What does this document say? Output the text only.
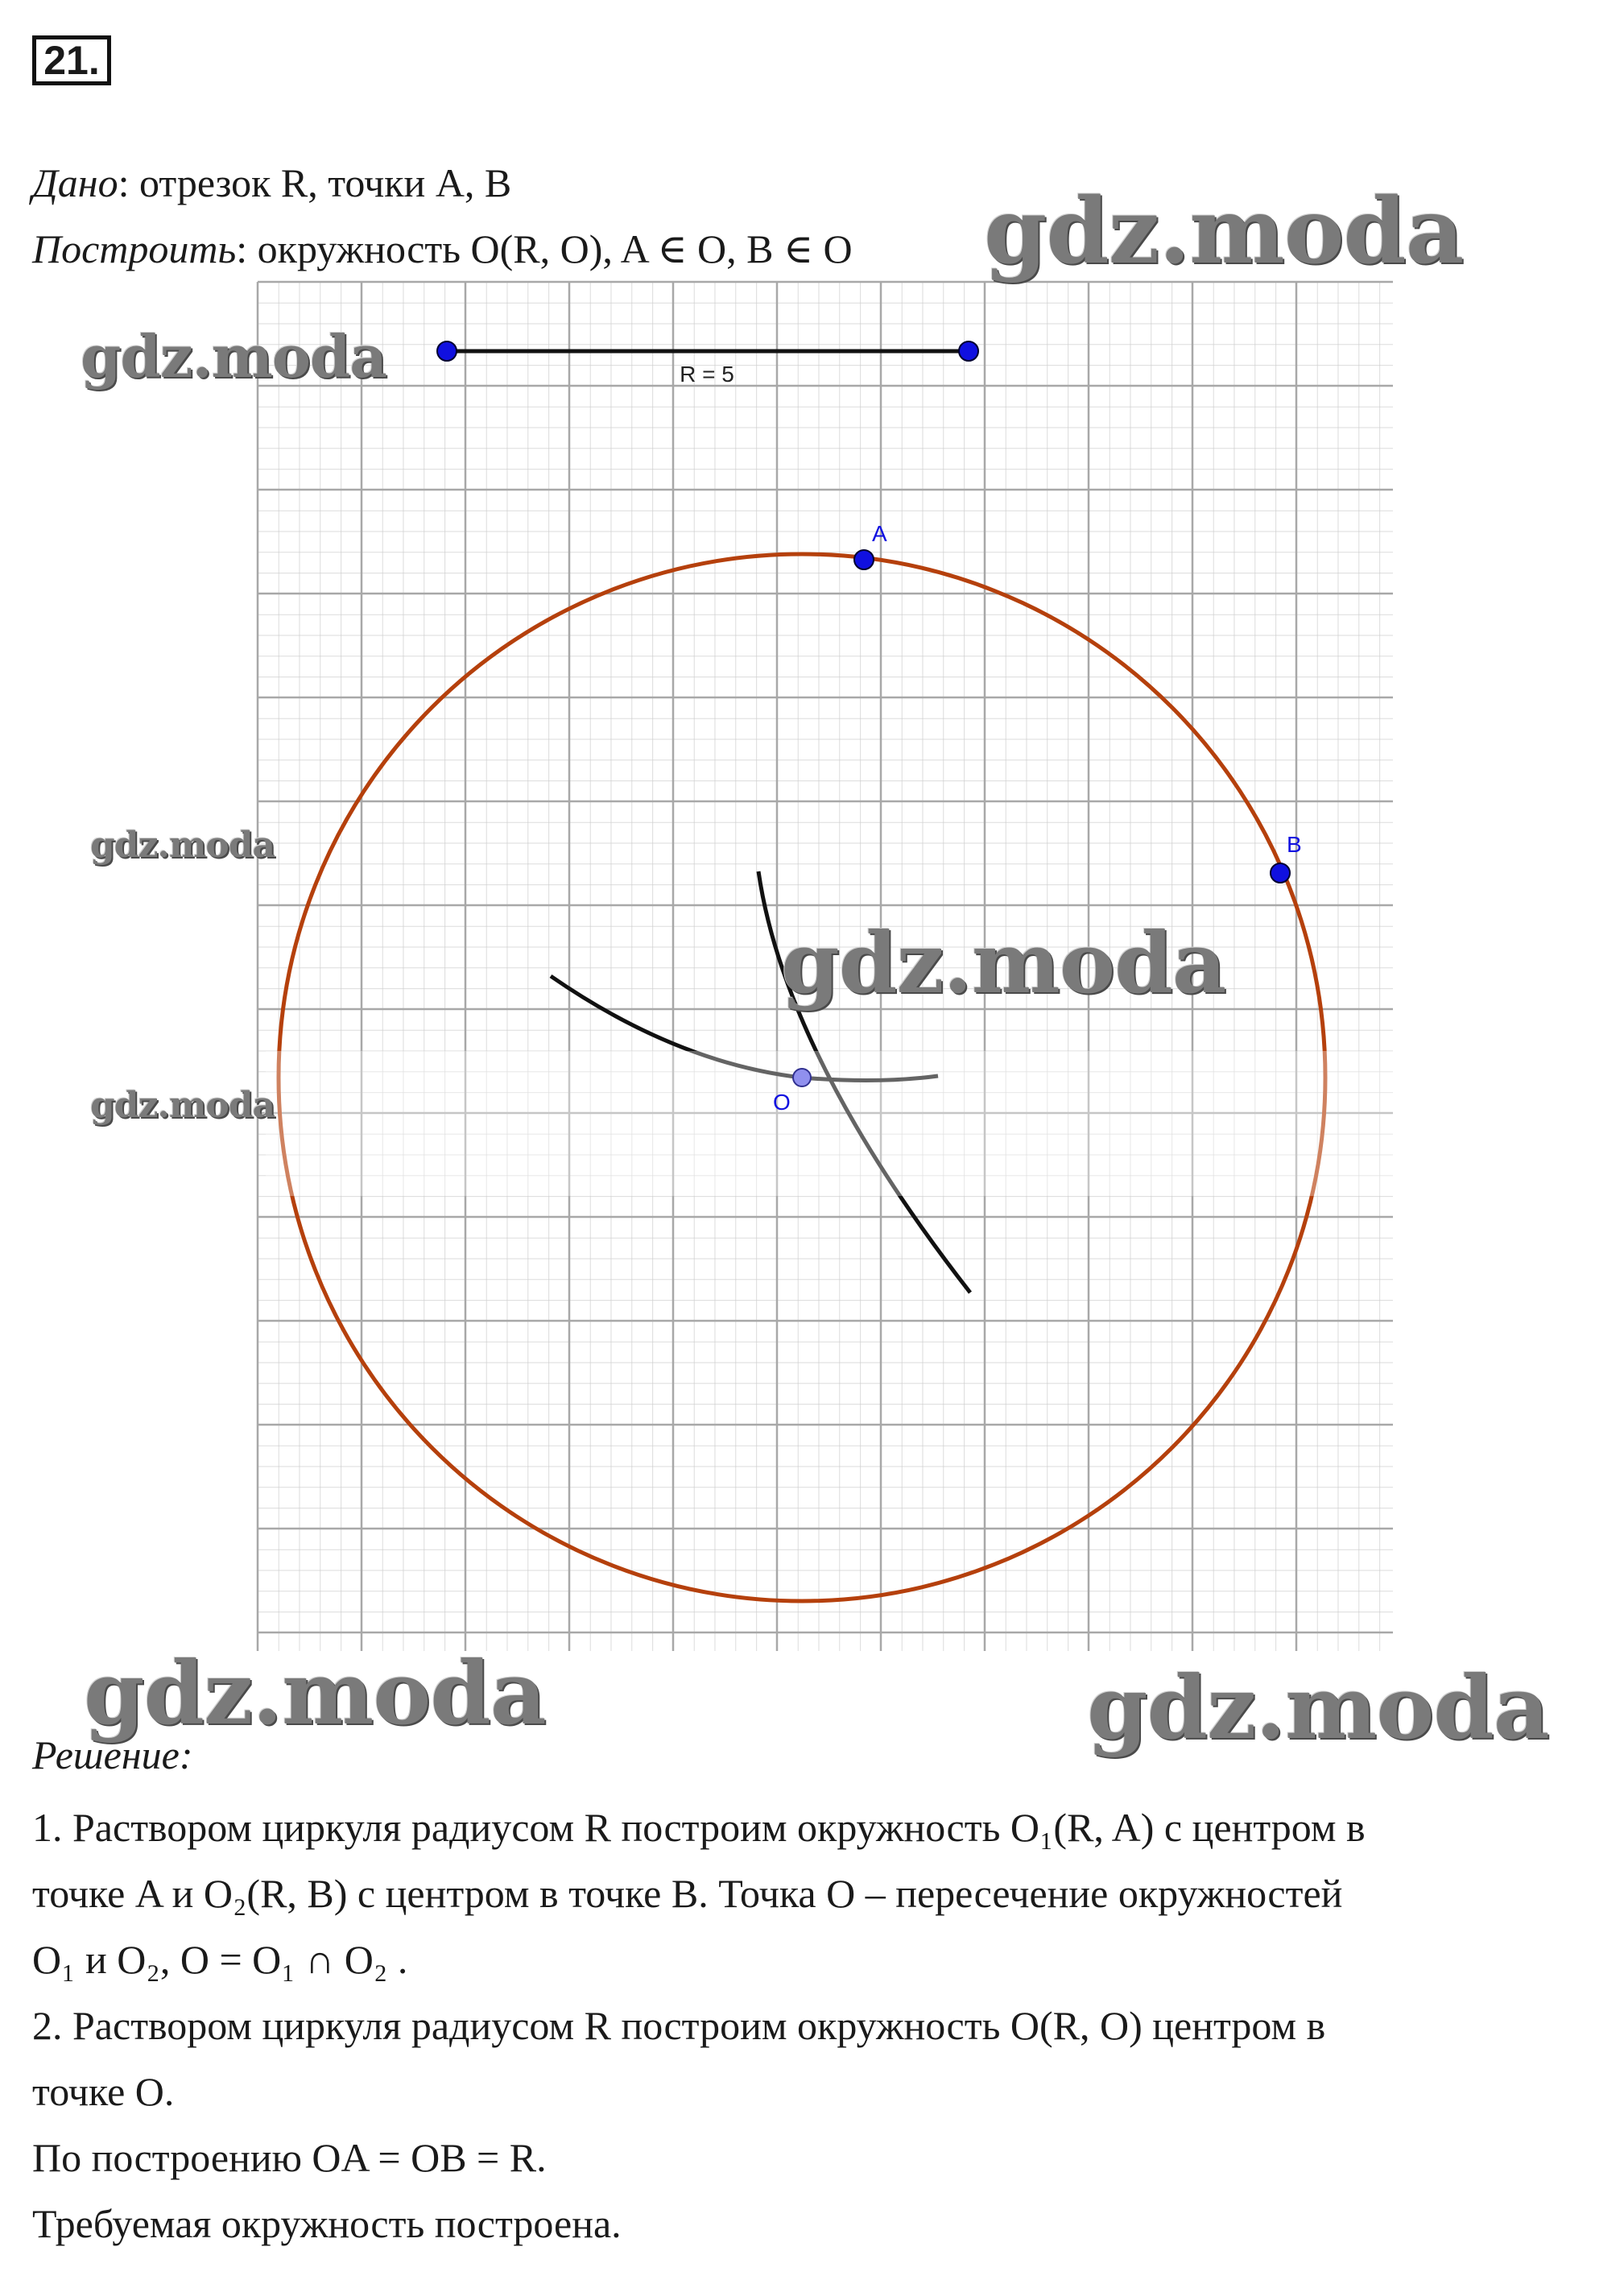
21.
Дано: отрезок R, точки A, B
Построить: окружность O(R, O), A ∈ O, B ∈ O
R = 5
A
B
O
gdz.moda
gdz.moda
gdz.moda
gdz.moda
gdz.moda
gdz.moda	gdz.moda
Решение:
1. Раствором циркуля радиусом R построим окружность O₁(R, A) с центром в
точке A и O₂(R, B) с центром в точке B. Точка O – пересечение окружностей
O₁ и O₂, O = O₁ ∩ O₂ .
2. Раствором циркуля радиусом R построим окружность O(R, O) центром в
точке O.
По построению OA = OB = R.
Требуемая окружность построена.
